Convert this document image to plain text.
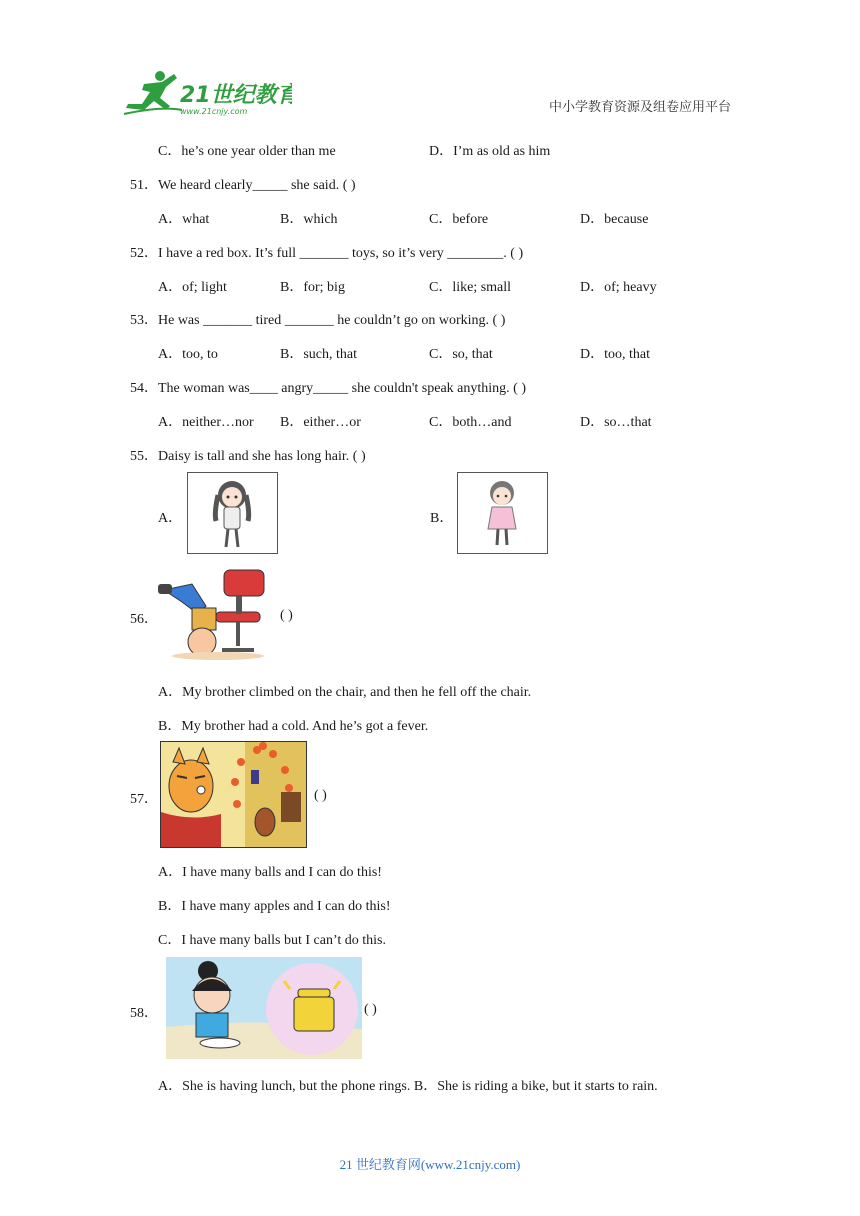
21世纪教育
www.21cnjy.com	中小学教育资源及组卷应用平台
C．he’s one year older than me	D．I’m as old as him
51．We heard clearly_____ she said. ( )
A．what	B．which	C．before	D．because
52．I have a red box. It’s full _______ toys, so it’s very ________. ( )
A．of; light	B．for; big	C．like; small	D．of; heavy
53．He was _______ tired _______ he couldn’t go on working. ( )
A．too, to	B．such, that	C．so, that	D．too, that
54．The woman was____ angry_____ she couldn't speak anything. ( )
A．neither…nor B．either…or	C．both…and	D．so…that
55．Daisy is tall and she has long hair. ( )
A．	B．
56．	( )
A．My brother climbed on the chair, and then he fell off the chair.
B．My brother had a cold. And he’s got a fever.
57．	( )
A．I have many balls and I can do this!
B．I have many apples and I can do this!
C．I have many balls but I can’t do this.
58．	( )
A．She is having lunch, but the phone rings. B．She is riding a bike, but it starts to rain.
21 世纪教育网(www.21cnjy.com)
